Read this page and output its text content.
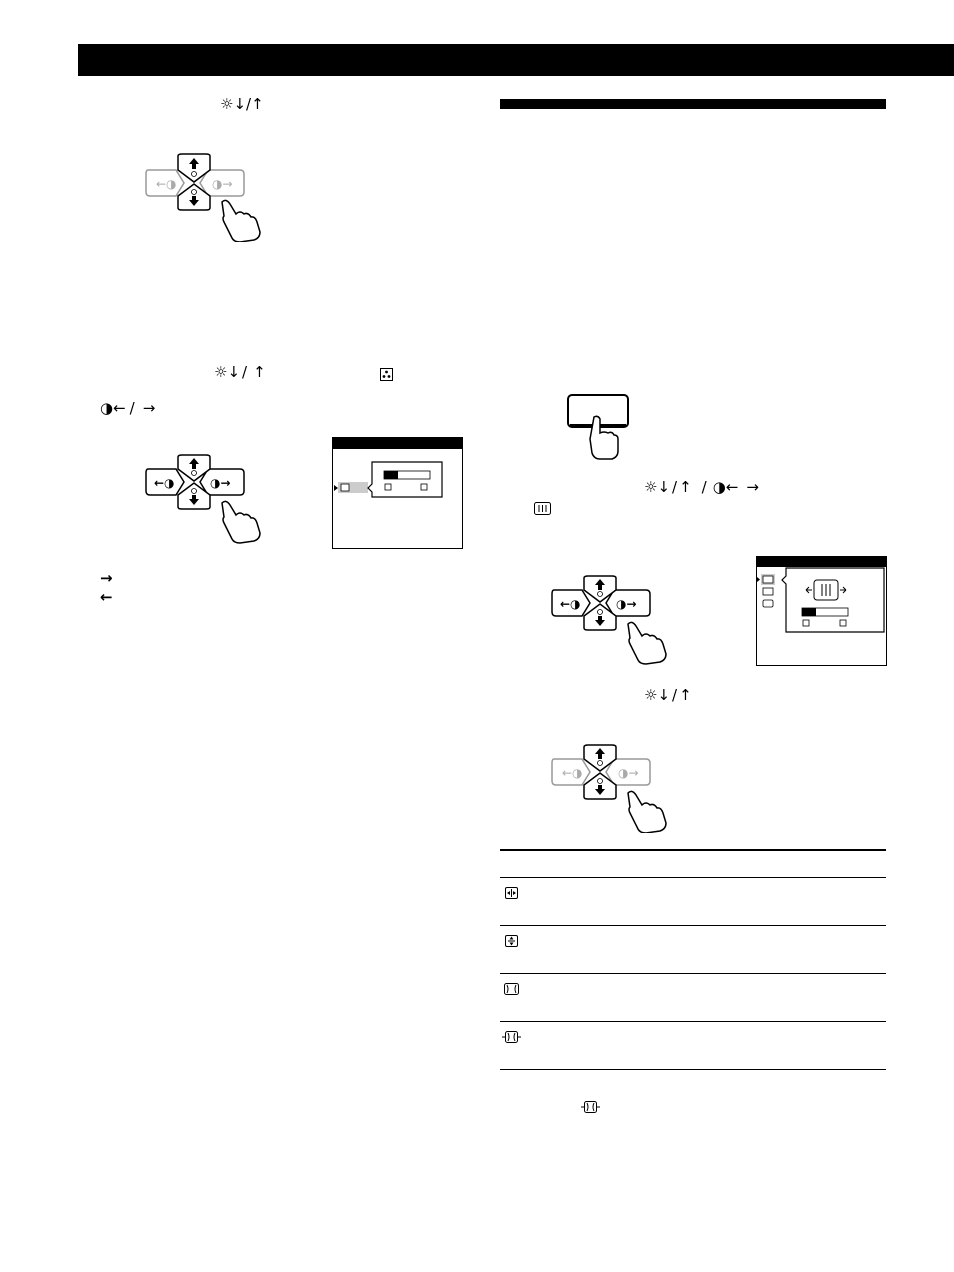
☼↓/↑
←◑	◑→
☼↓ / ↑
◑← / →
←◑	◑→
→
←
☼↓ / ↑ / ◑← →
←◑	◑→
☼↓ / ↑
←◑	◑→
